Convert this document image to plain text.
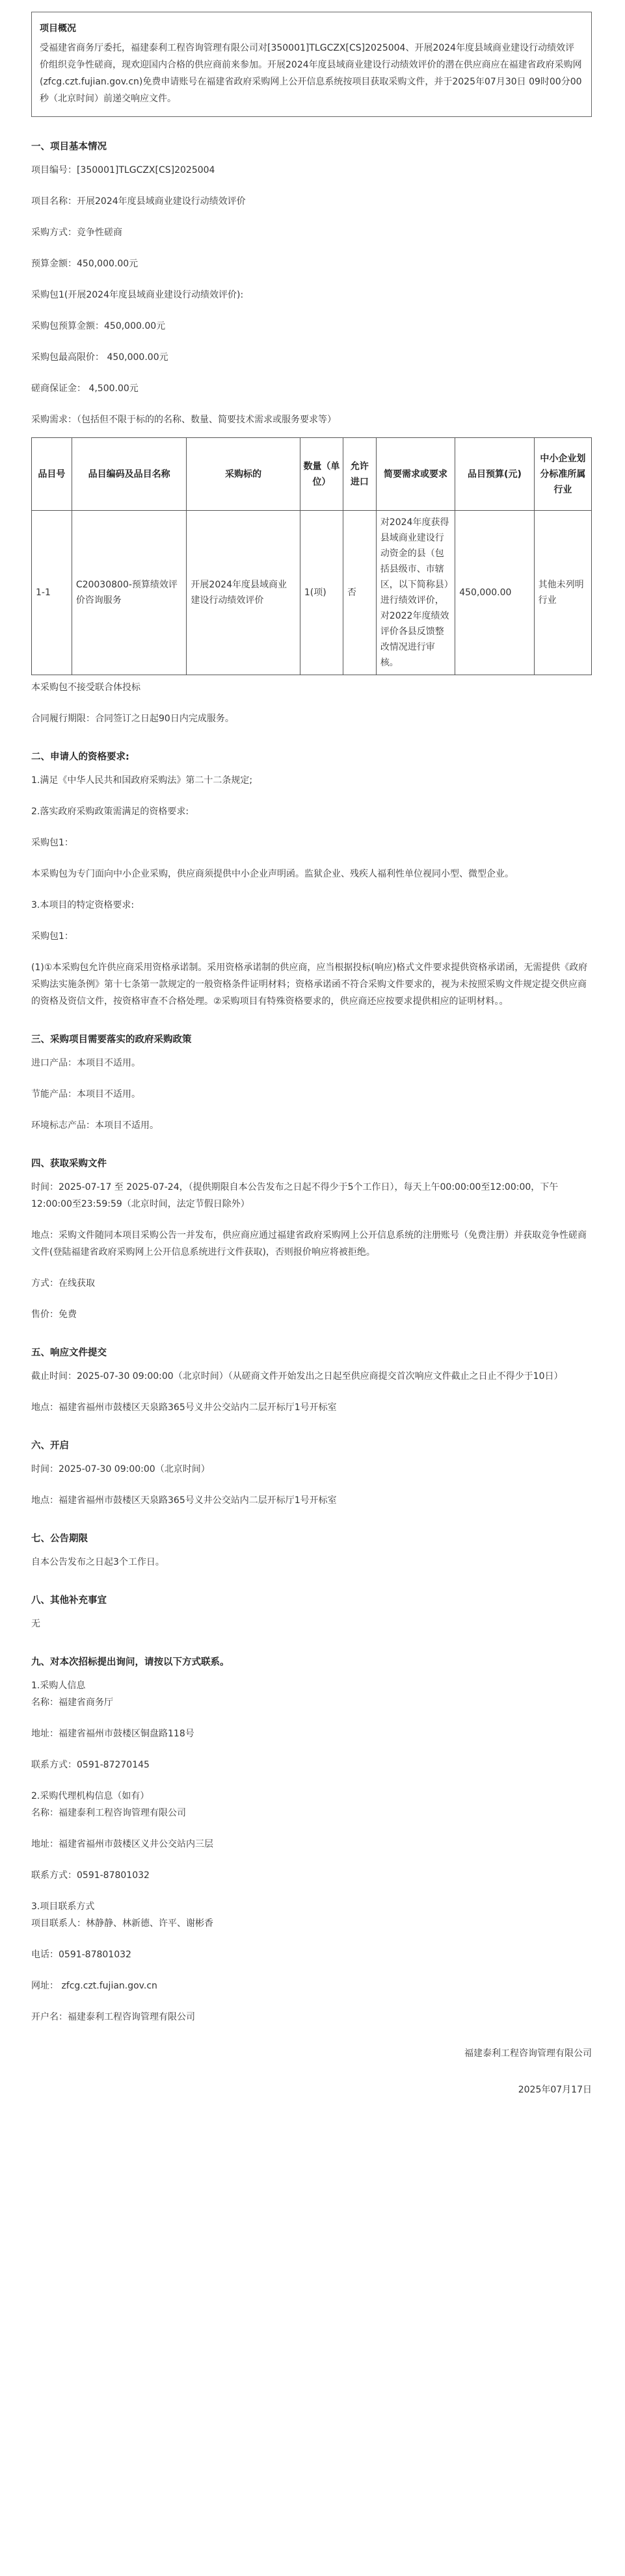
项目概况

受福建省商务厅委托，福建泰利工程咨询管理有限公司对[350001]TLGCZX[CS]2025004、开展2024年度县域商业建设行动绩效评价组织竞争性磋商，现欢迎国内合格的供应商前来参加。开展2024年度县域商业建设行动绩效评价的潜在供应商应在福建省政府采购网(zfcg.czt.fujian.gov.cn)免费申请账号在福建省政府采购网上公开信息系统按项目获取采购文件，并于2025年07月30日 09时00分00秒（北京时间）前递交响应文件。

一、项目基本情况

项目编号：[350001]TLGCZX[CS]2025004

项目名称：开展2024年度县域商业建设行动绩效评价

采购方式：竞争性磋商

预算金额：450,000.00元

采购包1(开展2024年度县域商业建设行动绩效评价):

采购包预算金额：450,000.00元

采购包最高限价： 450,000.00元

磋商保证金： 4,500.00元

采购需求：（包括但不限于标的的名称、数量、简要技术需求或服务要求等）

品目号	品目编码及品目名称	采购标的	数量（单位）	允许进口	简要需求或要求	品目预算(元)	中小企业划分标准所属行业
1-1	C20030800-预算绩效评价咨询服务	开展2024年度县域商业建设行动绩效评价	1(项)	否	对2024年度获得县域商业建设行动资金的县（包括县级市、市辖区，以下简称县）进行绩效评价，对2022年度绩效评价各县反馈整改情况进行审核。	450,000.00	其他未列明行业

本采购包不接受联合体投标

合同履行期限：合同签订之日起90日内完成服务。

二、申请人的资格要求:

1.满足《中华人民共和国政府采购法》第二十二条规定;

2.落实政府采购政策需满足的资格要求:

采购包1：

本采购包为专门面向中小企业采购，供应商须提供中小企业声明函。监狱企业、残疾人福利性单位视同小型、微型企业。

3.本项目的特定资格要求:

采购包1：

(1)①本采购包允许供应商采用资格承诺制。采用资格承诺制的供应商，应当根据投标(响应)格式文件要求提供资格承诺函，无需提供《政府采购法实施条例》第十七条第一款规定的一般资格条件证明材料；资格承诺函不符合采购文件要求的，视为未按照采购文件规定提交供应商的资格及资信文件，按资格审查不合格处理。②采购项目有特殊资格要求的，供应商还应按要求提供相应的证明材料。。

三、采购项目需要落实的政府采购政策

进口产品：本项目不适用。

节能产品：本项目不适用。

环境标志产品：本项目不适用。

四、获取采购文件

时间：2025-07-17 至 2025-07-24，（提供期限自本公告发布之日起不得少于5个工作日），每天上午00:00:00至12:00:00，下午12:00:00至23:59:59（北京时间，法定节假日除外）

地点：采购文件随同本项目采购公告一并发布，供应商应通过福建省政府采购网上公开信息系统的注册账号（免费注册）并获取竞争性磋商文件(登陆福建省政府采购网上公开信息系统进行文件获取)，否则报价响应将被拒绝。

方式：在线获取

售价：免费

五、响应文件提交

截止时间：2025-07-30 09:00:00（北京时间）（从磋商文件开始发出之日起至供应商提交首次响应文件截止之日止不得少于10日）

地点：福建省福州市鼓楼区天泉路365号义井公交站内二层开标厅1号开标室

六、开启

时间：2025-07-30 09:00:00（北京时间）

地点：福建省福州市鼓楼区天泉路365号义井公交站内二层开标厅1号开标室

七、公告期限

自本公告发布之日起3个工作日。

八、其他补充事宜

无

九、对本次招标提出询问，请按以下方式联系。

1.采购人信息

名称：福建省商务厅

地址：福建省福州市鼓楼区铜盘路118号

联系方式：0591-87270145

2.采购代理机构信息（如有）

名称：福建泰利工程咨询管理有限公司

地址：福建省福州市鼓楼区义井公交站内三层

联系方式：0591-87801032

3.项目联系方式

项目联系人：林静静、林新德、许平、谢彬香

电话：0591-87801032

网址： zfcg.czt.fujian.gov.cn

开户名：福建泰利工程咨询管理有限公司

福建泰利工程咨询管理有限公司

2025年07月17日
